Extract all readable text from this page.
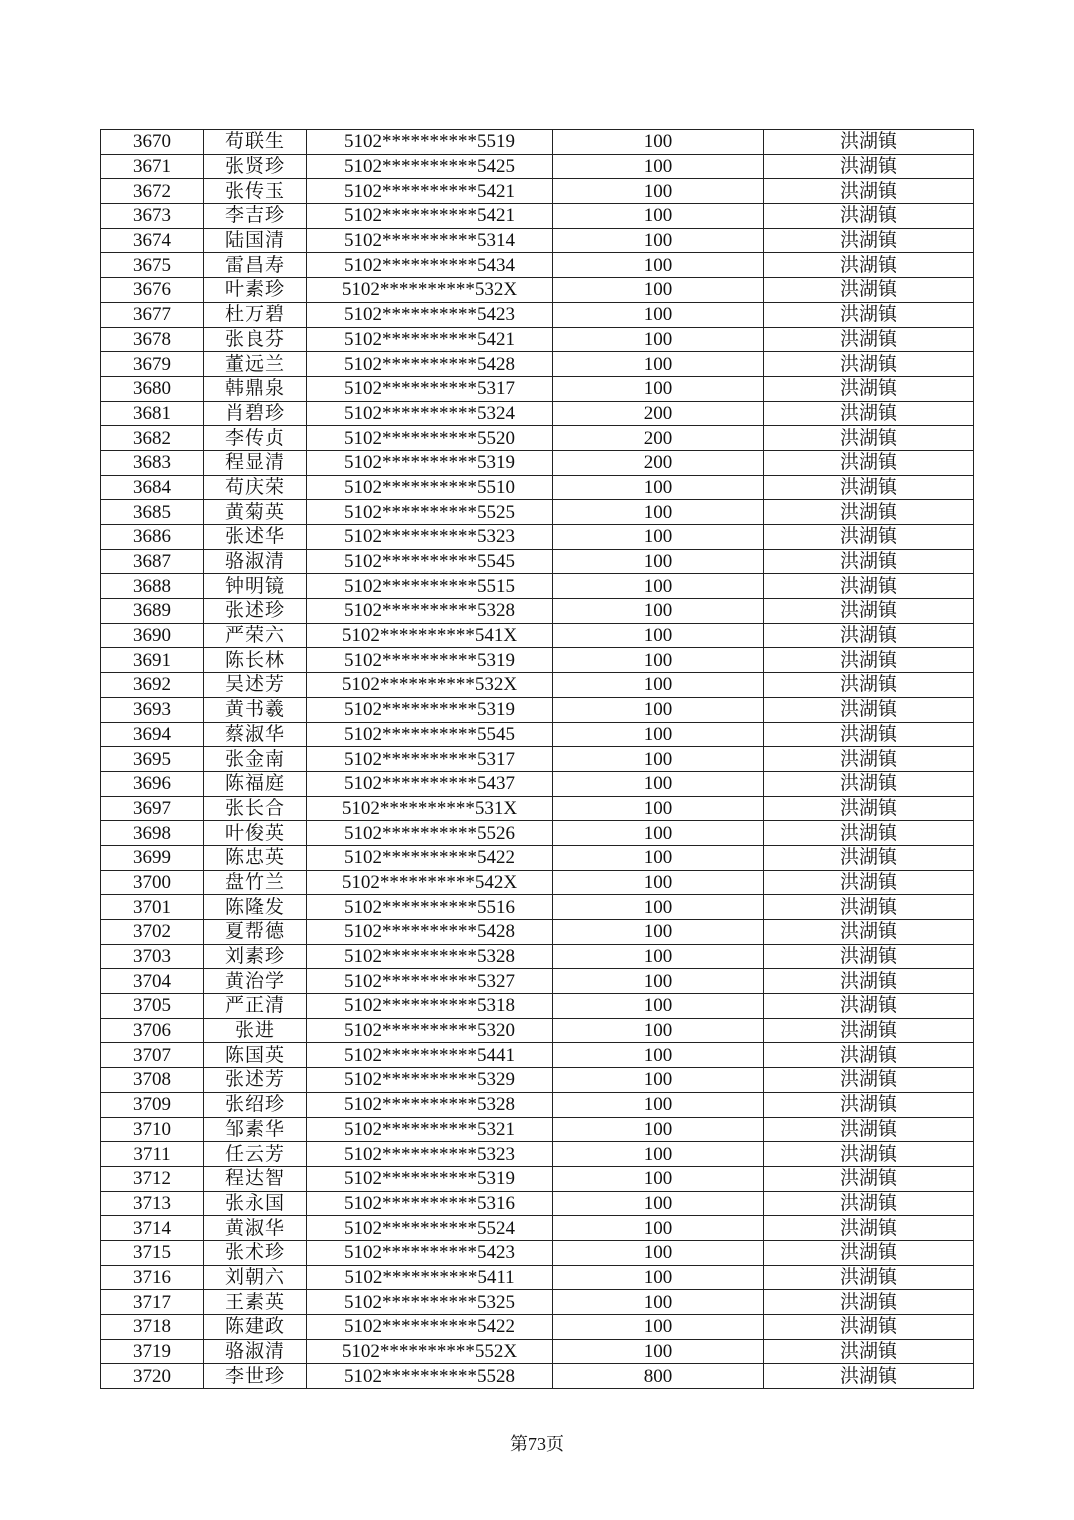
3670	苟联生	5102**********5519	100	洪湖镇
3671	张贤珍	5102**********5425	100	洪湖镇
3672	张传玉	5102**********5421	100	洪湖镇
3673	李吉珍	5102**********5421	100	洪湖镇
3674	陆国清	5102**********5314	100	洪湖镇
3675	雷昌寿	5102**********5434	100	洪湖镇
3676	叶素珍	5102**********532X	100	洪湖镇
3677	杜万碧	5102**********5423	100	洪湖镇
3678	张良芬	5102**********5421	100	洪湖镇
3679	董远兰	5102**********5428	100	洪湖镇
3680	韩鼎泉	5102**********5317	100	洪湖镇
3681	肖碧珍	5102**********5324	200	洪湖镇
3682	李传贞	5102**********5520	200	洪湖镇
3683	程显清	5102**********5319	200	洪湖镇
3684	苟庆荣	5102**********5510	100	洪湖镇
3685	黄菊英	5102**********5525	100	洪湖镇
3686	张述华	5102**********5323	100	洪湖镇
3687	骆淑清	5102**********5545	100	洪湖镇
3688	钟明镜	5102**********5515	100	洪湖镇
3689	张述珍	5102**********5328	100	洪湖镇
3690	严荣六	5102**********541X	100	洪湖镇
3691	陈长林	5102**********5319	100	洪湖镇
3692	吴述芳	5102**********532X	100	洪湖镇
3693	黄书羲	5102**********5319	100	洪湖镇
3694	蔡淑华	5102**********5545	100	洪湖镇
3695	张金南	5102**********5317	100	洪湖镇
3696	陈福庭	5102**********5437	100	洪湖镇
3697	张长合	5102**********531X	100	洪湖镇
3698	叶俊英	5102**********5526	100	洪湖镇
3699	陈忠英	5102**********5422	100	洪湖镇
3700	盘竹兰	5102**********542X	100	洪湖镇
3701	陈隆发	5102**********5516	100	洪湖镇
3702	夏帮德	5102**********5428	100	洪湖镇
3703	刘素珍	5102**********5328	100	洪湖镇
3704	黄治学	5102**********5327	100	洪湖镇
3705	严正清	5102**********5318	100	洪湖镇
3706	张进	5102**********5320	100	洪湖镇
3707	陈国英	5102**********5441	100	洪湖镇
3708	张述芳	5102**********5329	100	洪湖镇
3709	张绍珍	5102**********5328	100	洪湖镇
3710	邹素华	5102**********5321	100	洪湖镇
3711	任云芳	5102**********5323	100	洪湖镇
3712	程达智	5102**********5319	100	洪湖镇
3713	张永国	5102**********5316	100	洪湖镇
3714	黄淑华	5102**********5524	100	洪湖镇
3715	张术珍	5102**********5423	100	洪湖镇
3716	刘朝六	5102**********5411	100	洪湖镇
3717	王素英	5102**********5325	100	洪湖镇
3718	陈建政	5102**********5422	100	洪湖镇
3719	骆淑清	5102**********552X	100	洪湖镇
3720	李世珍	5102**********5528	800	洪湖镇
第73页
